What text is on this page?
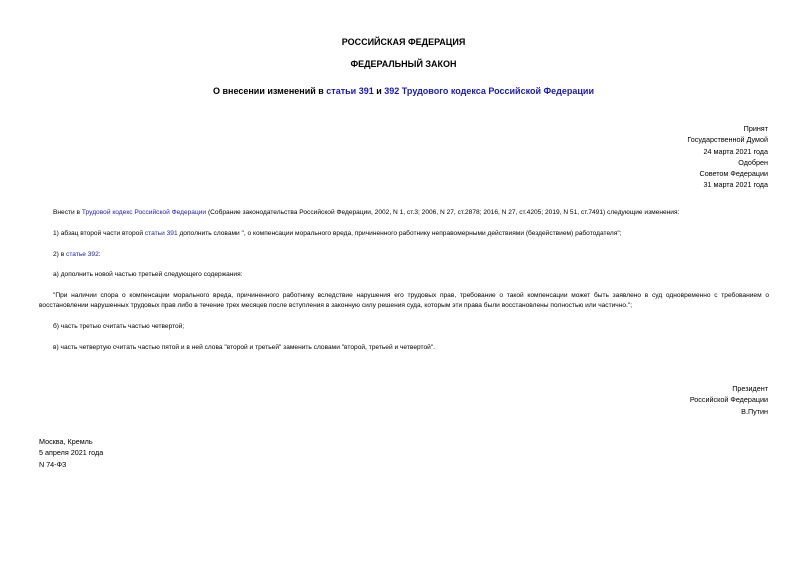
РОССИЙСКАЯ ФЕДЕРАЦИЯ
ФЕДЕРАЛЬНЫЙ ЗАКОН
О внесении изменений в статьи 391 и 392 Трудового кодекса Российской Федерации
Принят
Государственной Думой
24 марта 2021 года
Одобрен
Советом Федерации
31 марта 2021 года
Внести в Трудовой кодекс Российской Федерации (Собрание законодательства Российской Федерации, 2002, N 1, ст.3; 2006, N 27, ст.2878; 2016, N 27, ст.4205; 2019, N 51, ст.7491) следующие изменения:
1) абзац второй части второй статьи 391 дополнить словами ", о компенсации морального вреда, причиненного работнику неправомерными действиями (бездействием) работодателя";
2) в статье 392:
а) дополнить новой частью третьей следующего содержания:
"При наличии спора о компенсации морального вреда, причиненного работнику вследствие нарушения его трудовых прав, требование о такой компенсации может быть заявлено в суд одновременно с требованием о восстановлении нарушенных трудовых прав либо в течение трех месяцев после вступления в законную силу решения суда, которым эти права были восстановлены полностью или частично.";
б) часть третью считать частью четвертой;
в) часть четвертую считать частью пятой и в ней слова "второй и третьей" заменить словами "второй, третьей и четвертой".
Президент
Российской Федерации
В.Путин
Москва, Кремль
5 апреля 2021 года
N 74-ФЗ
